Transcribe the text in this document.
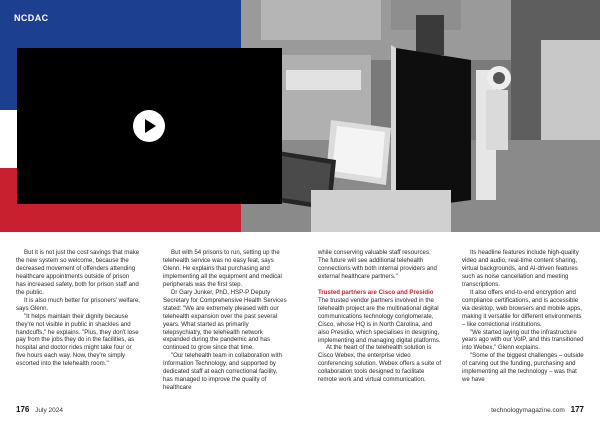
NCDAC

But it is not just the cost savings that make the new system so welcome, because the decreased movement of offenders attending healthcare appointments outside of prison has increased safety, both for prison staff and the public.

It is also much better for prisoners' welfare, says Glenn.

"It helps maintain their dignity because they're not visible in public in shackles and handcuffs," he explains. "Plus, they don't lose pay from the jobs they do in the facilities, as hospital and doctor rides might take four or five hours each way. Now, they're simply escorted into the telehealth room."

But with 54 prisons to run, setting up the telehealth service was no easy feat, says Glenn. He explains that purchasing and implementing all the equipment and medical peripherals was the first step.

Dr Gary Junker, PhD, HSP-P Deputy Secretary for Comprehensive Health Services stated: "We are extremely pleased with our telehealth expansion over the past several years. What started as primarily telepsychiatry, the telehealth network expanded during the pandemic and has continued to grow since that time.

"Our telehealth team in collaboration with Information Technology, and supported by dedicated staff at each correctional facility, has managed to improve the quality of healthcare

while conserving valuable staff resources. The future will see additional telehealth connections with both internal providers and external healthcare partners."

Trusted partners are Cisco and Presidio

The trusted vendor partners involved in the telehealth project are the multinational digital communications technology conglomerate, Cisco, whose HQ is in North Carolina, and also Presidio, which specialises in designing, implementing and managing digital platforms.

At the heart of the telehealth solution is Cisco Webex, the enterprise video conferencing solution. Webex offers a suite of collaboration tools designed to facilitate remote work and virtual communication.

Its headline features include high-quality video and audio, real-time content sharing, virtual backgrounds, and AI-driven features such as noise cancellation and meeting transcriptions.

It also offers end-to-end encryption and compliance certifications, and is accessible via desktop, web browsers and mobile apps, making it versatile for different environments – like correctional institutions.

"We started laying out the infrastructure years ago with our VoIP, and this transitioned into Webex," Glenn explains.

"Some of the biggest challenges – outside of carving out the funding, purchasing and implementing all the technology – was that we have

176 July 2024	technologymagazine.com 177
